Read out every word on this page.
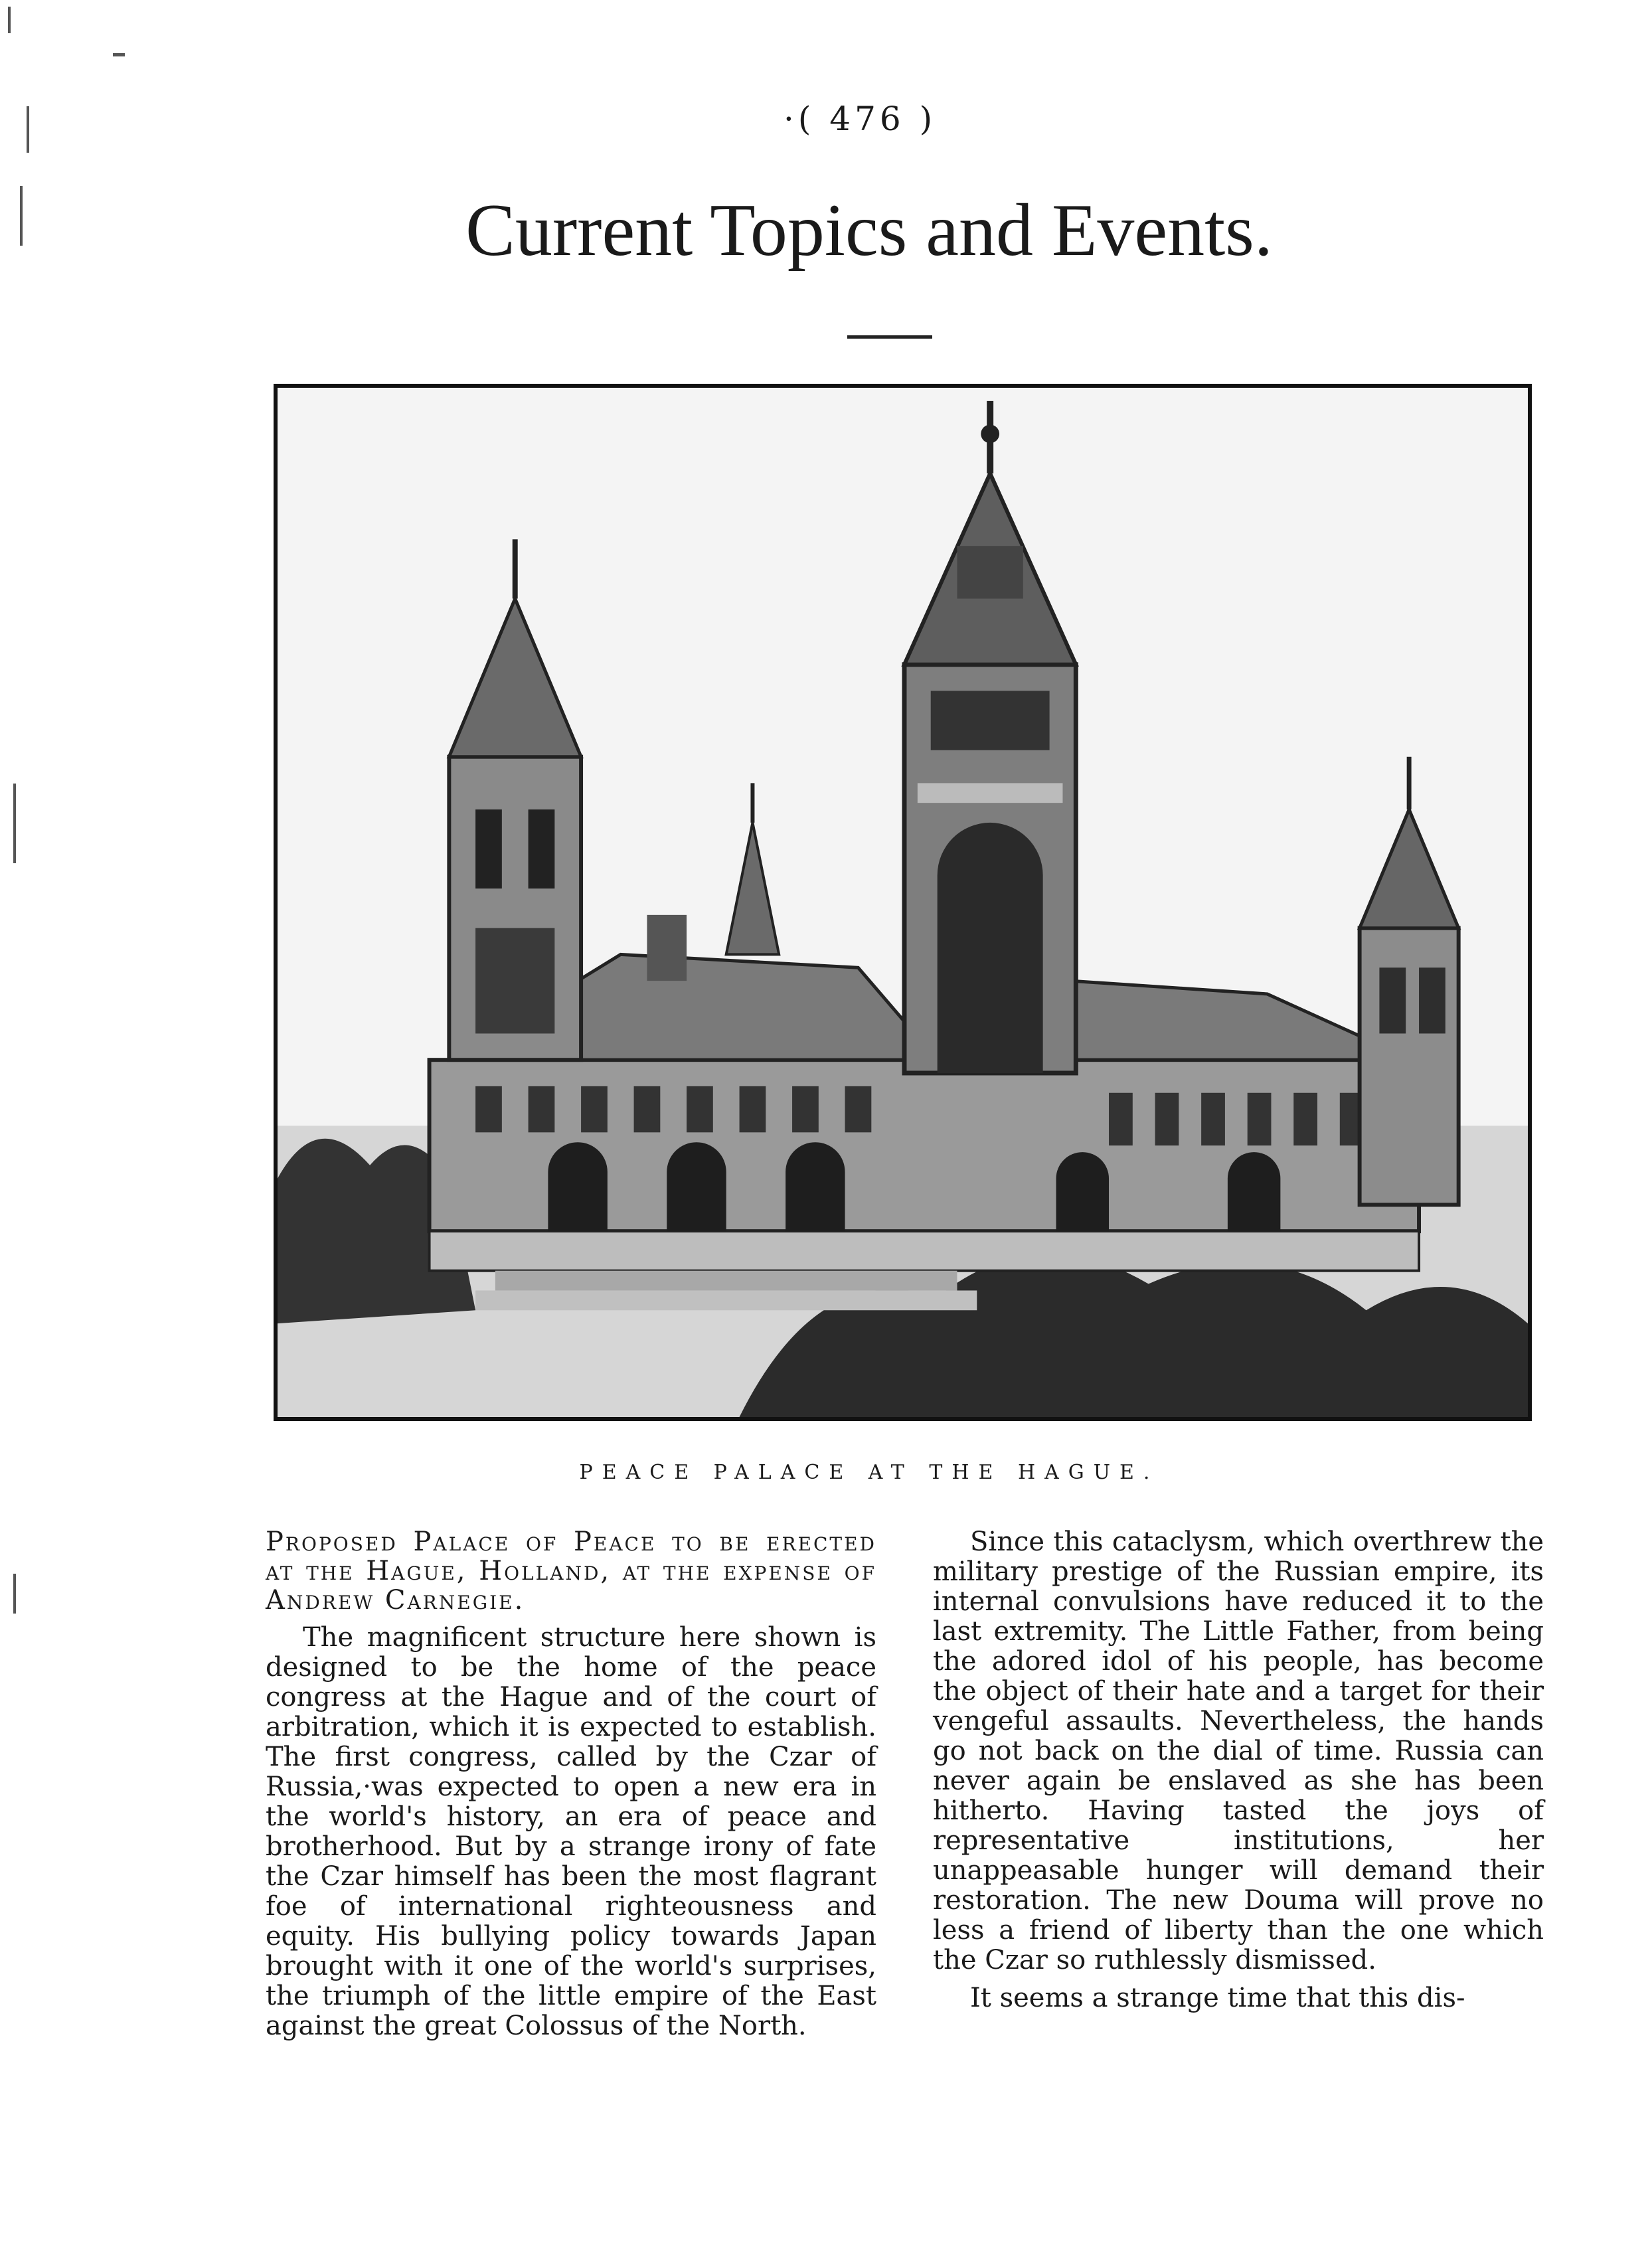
·( 476 )
Current Topics and Events.
PEACE PALACE AT THE HAGUE.

Proposed Palace of Peace to be erected at the Hague, Holland, at the expense of Andrew Carnegie.

The magnificent structure here shown is designed to be the home of the peace congress at the Hague and of the court of arbitration, which it is expected to establish. The first congress, called by the Czar of Russia,·was expected to open a new era in the world's history, an era of peace and brotherhood. But by a strange irony of fate the Czar himself has been the most flagrant foe of international righteousness and equity. His bullying policy towards Japan brought with it one of the world's surprises, the triumph of the little empire of the East against the great Colossus of the North.

Since this cataclysm, which overthrew the military prestige of the Russian empire, its internal convulsions have reduced it to the last extremity. The Little Father, from being the adored idol of his people, has become the object of their hate and a target for their vengeful assaults. Nevertheless, the hands go not back on the dial of time. Russia can never again be enslaved as she has been hitherto. Having tasted the joys of representative institutions, her unappeasable hunger will demand their restoration. The new Douma will prove no less a friend of liberty than the one which the Czar so ruthlessly dismissed.

It seems a strange time that this dis-
